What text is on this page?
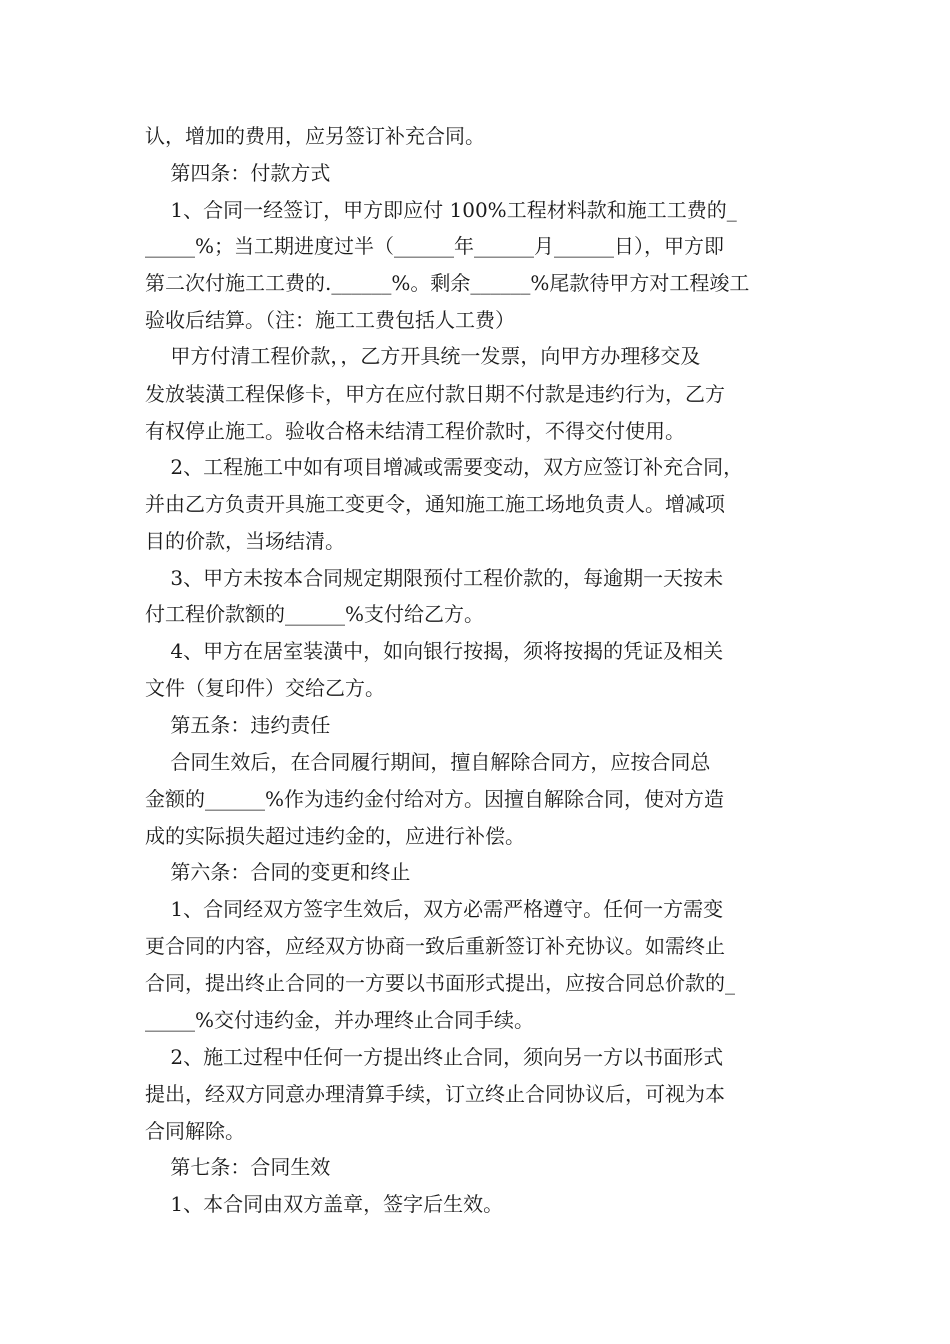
认，增加的费用，应另签订补充合同。
第四条：付款方式
1、合同一经签订，甲方即应付 100%工程材料款和施工工费的_
_____%；当工期进度过半（______年______月______日），甲方即
第二次付施工工费的.______%。剩余______%尾款待甲方对工程竣工
验收后结算。（注：施工工费包括人工费）
甲方付清工程价款，，乙方开具统一发票，向甲方办理移交及
发放装潢工程保修卡，甲方在应付款日期不付款是违约行为，乙方
有权停止施工。验收合格未结清工程价款时，不得交付使用。
2、工程施工中如有项目增减或需要变动，双方应签订补充合同，
并由乙方负责开具施工变更令，通知施工施工场地负责人。增减项
目的价款，当场结清。
3、甲方未按本合同规定期限预付工程价款的，每逾期一天按未
付工程价款额的______%支付给乙方。
4、甲方在居室装潢中，如向银行按揭，须将按揭的凭证及相关
文件（复印件）交给乙方。
第五条：违约责任
合同生效后，在合同履行期间，擅自解除合同方，应按合同总
金额的______%作为违约金付给对方。因擅自解除合同，使对方造
成的实际损失超过违约金的，应进行补偿。
第六条：合同的变更和终止
1、合同经双方签字生效后，双方必需严格遵守。任何一方需变
更合同的内容，应经双方协商一致后重新签订补充协议。如需终止
合同，提出终止合同的一方要以书面形式提出，应按合同总价款的_
_____%交付违约金，并办理终止合同手续。
2、施工过程中任何一方提出终止合同，须向另一方以书面形式
提出，经双方同意办理清算手续，订立终止合同协议后，可视为本
合同解除。
第七条：合同生效
1、本合同由双方盖章，签字后生效。
